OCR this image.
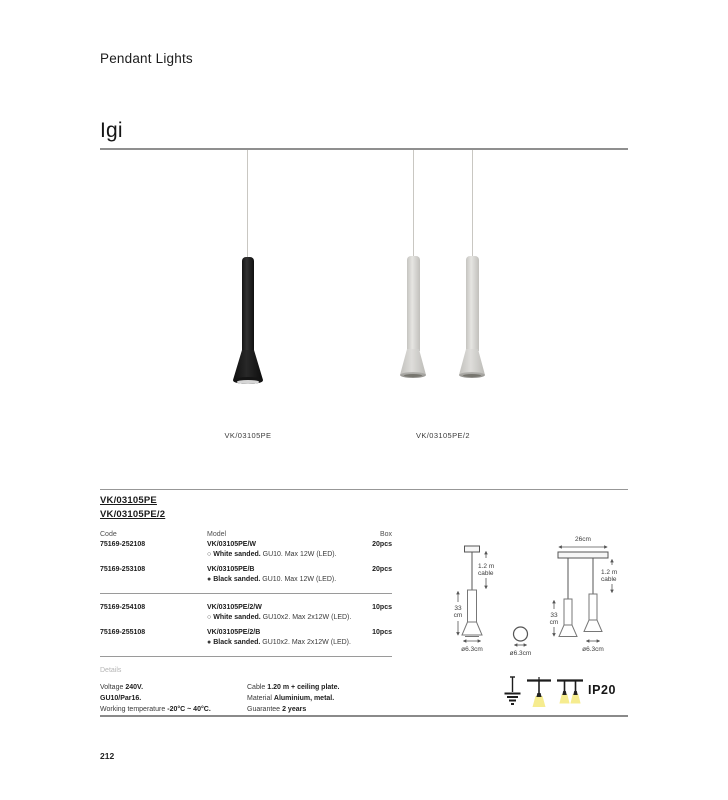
Pendant Lights
Igi
VK/03105PE	VK/03105PE/2
VK/03105PE
VK/03105PE/2
Code	Model	Box
75169-252108	VK/03105PE/W	20pcs
○ White sanded. GU10. Max 12W (LED).
75169-253108	VK/03105PE/B	20pcs
● Black sanded. GU10. Max 12W (LED).
75169-254108	VK/03105PE/2/W	10pcs
○ White sanded. GU10x2. Max 2x12W (LED).
75169-255108	VK/03105PE/2/B	10pcs
● Black sanded. GU10x2. Max 2x12W (LED).
Details
Voltage 240V.
GU10/Par16.
Working temperature -20°C ~ 40°C.
Cable 1.20 m + ceiling plate.
Material Aluminium, metal.
Guarantee 2 years
1.2 m
cable
33
cm
ø6.3cm
ø6.3cm
26cm
33
cm
1.2 m
cable
ø6.3cm
IP20
212
